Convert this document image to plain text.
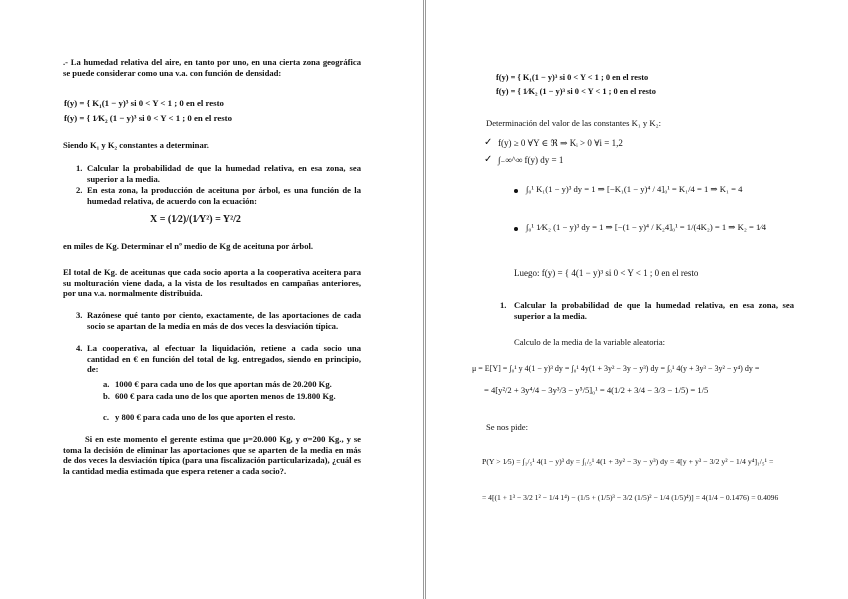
.- La humedad relativa del aire, en tanto por uno, en una cierta zona geográfica se puede considerar como una v.a. con función de densidad:
f(y) = { K₁(1 − y)³ si 0 < Y < 1 ; 0 en el resto
f(y) = { 1⁄K₂ (1 − y)³ si 0 < Y < 1 ; 0 en el resto
Siendo K₁ y K₂ constantes a determinar.
1. Calcular la probabilidad de que la humedad relativa, en esa zona, sea superior a la media.
2. En esta zona, la producción de aceituna por árbol, es una función de la humedad relativa, de acuerdo con la ecuación:
X = (1⁄2)/(1⁄Y²) = Y²/2
en miles de Kg. Determinar el nº medio de Kg de aceituna por árbol.
El total de Kg. de aceitunas que cada socio aporta a la cooperativa aceitera para su molturación viene dada, a la vista de los resultados en campañas anteriores, por una v.a. normalmente distribuida.
3. Razónese qué tanto por ciento, exactamente, de las aportaciones de cada socio se apartan de la media en más de dos veces la desviación típica.
4. La cooperativa, al efectuar la liquidación, retiene a cada socio una cantidad en € en función del total de kg. entregados, siendo en principio, de:
a. 1000 € para cada uno de los que aportan más de 20.200 Kg.
b. 600 € para cada uno de los que aporten menos de 19.800 Kg.
c. y 800 € para cada uno de los que aporten el resto.
Si en este momento el gerente estima que μ=20.000 Kg, y σ=200 Kg., y se toma la decisión de eliminar las aportaciones que se aparten de la media en más de dos veces la desviación típica (para una fiscalización particularizada), ¿cuál es la cantidad media estimada que espera retener a cada socio?.
f(y) = { K₁(1 − y)³ si 0 < Y < 1 ; 0 en el resto
f(y) = { 1⁄K₂ (1 − y)³ si 0 < Y < 1 ; 0 en el resto
Determinación del valor de las constantes K₁ y K₂:
✓ f(y) ≥ 0 ∀Y ∈ ℜ ⇒ Kᵢ > 0 ∀i = 1,2
✓ ∫₋∞^∞ f(y) dy = 1
∫₀¹ K₁(1 − y)³ dy = 1 ⇒ [−K₁(1 − y)⁴ / 4]₀¹ = K₁/4 = 1 ⇒ K₁ = 4
∫₀¹ 1⁄K₂ (1 − y)³ dy = 1 ⇒ [−(1 − y)⁴ / K₂4]₀¹ = 1/(4K₂) = 1 ⇒ K₂ = 1⁄4
Luego: f(y) = { 4(1 − y)³ si 0 < Y < 1 ; 0 en el resto
1. Calcular la probabilidad de que la humedad relativa, en esa zona, sea superior a la media.
Calculo de la media de la variable aleatoria:
μ = E[Y] = ∫₀¹ y 4(1 − y)³ dy = ∫₀¹ 4y(1 + 3y² − 3y − y³) dy = ∫₀¹ 4(y + 3y³ − 3y² − y⁴) dy =
= 4[y²/2 + 3y⁴/4 − 3y³/3 − y⁵/5]₀¹ = 4(1/2 + 3/4 − 3/3 − 1/5) = 1/5
Se nos pide:
P(Y > 1⁄5) = ∫₁/₅¹ 4(1 − y)³ dy = ∫₁/₅¹ 4(1 + 3y² − 3y − y³) dy = 4[y + y³ − 3/2 y² − 1/4 y⁴]₁/₅¹ =
= 4[(1 + 1³ − 3/2 1² − 1/4 1⁴) − (1/5 + (1/5)³ − 3/2 (1/5)² − 1/4 (1/5)⁴)] = 4(1/4 − 0.1476) = 0.4096
